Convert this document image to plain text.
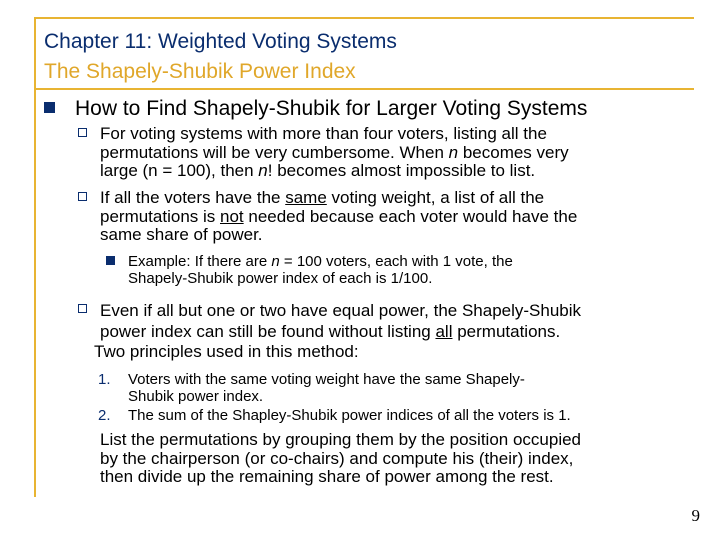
Chapter 11: Weighted Voting Systems
The Shapely-Shubik Power Index
How to Find Shapely-Shubik for Larger Voting Systems
For voting systems with more than four voters, listing all the
permutations will be very cumbersome. When n becomes very
large (n = 100), then n! becomes almost impossible to list.
If all the voters have the same voting weight, a list of all the
permutations is not needed because each voter would have the
same share of power.
Example: If there are n = 100 voters, each with 1 vote, the
Shapely-Shubik power index of each is 1/100.
Even if all but one or two have equal power, the Shapely-Shubik
power index can still be found without listing all permutations.
Two principles used in this method:
1. Voters with the same voting weight have the same Shapely-
Shubik power index.
2. The sum of the Shapley-Shubik power indices of all the voters is 1.
List the permutations by grouping them by the position occupied
by the chairperson (or co-chairs) and compute his (their) index,
then divide up the remaining share of power among the rest.
9
